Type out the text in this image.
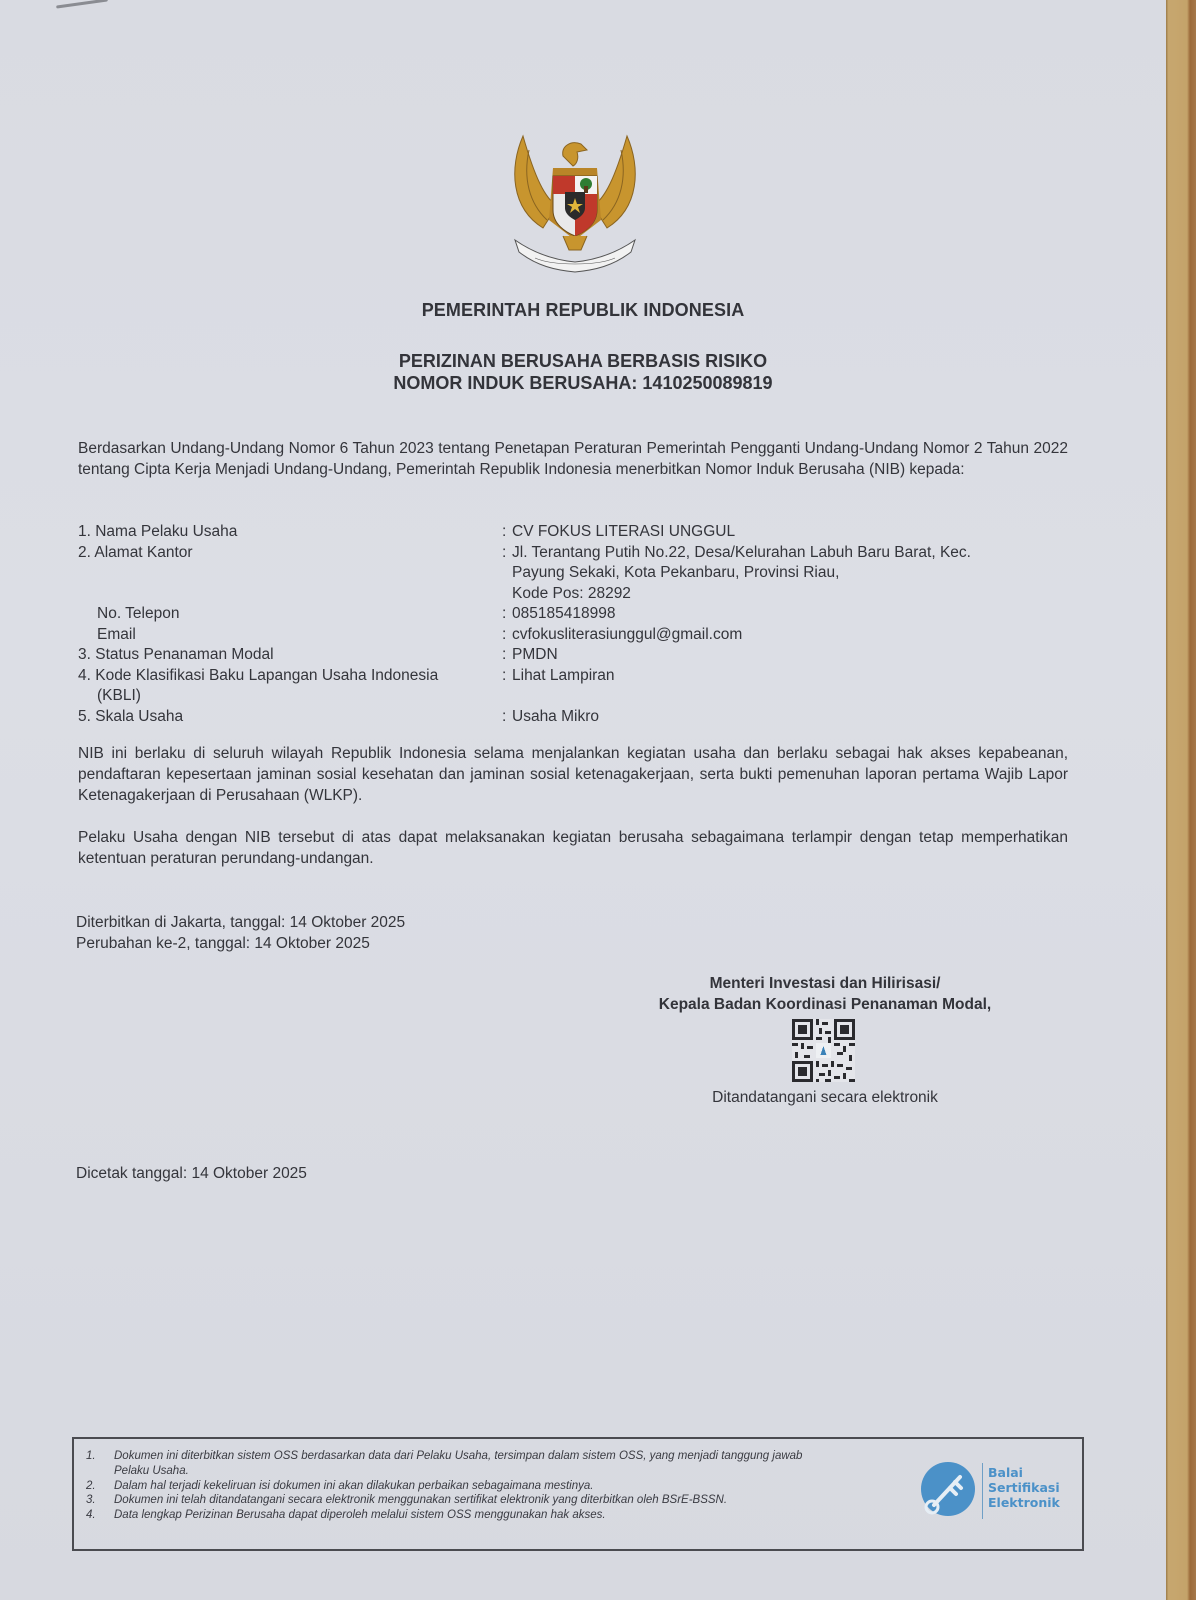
PEMERINTAH REPUBLIK INDONESIA
PERIZINAN BERUSAHA BERBASIS RISIKO
NOMOR INDUK BERUSAHA: 1410250089819

Berdasarkan Undang-Undang Nomor 6 Tahun 2023 tentang Penetapan Peraturan Pemerintah Pengganti Undang-Undang Nomor 2 Tahun 2022 tentang Cipta Kerja Menjadi Undang-Undang, Pemerintah Republik Indonesia menerbitkan Nomor Induk Berusaha (NIB) kepada:

1. Nama Pelaku Usaha	: CV FOKUS LITERASI UNGGUL
2. Alamat Kantor	: Jl. Terantang Putih No.22, Desa/Kelurahan Labuh Baru Barat, Kec.
Payung Sekaki, Kota Pekanbaru, Provinsi Riau,
Kode Pos: 28292
No. Telepon	: 085185418998
Email	: cvfokusliterasiunggul@gmail.com
3. Status Penanaman Modal	: PMDN
4. Kode Klasifikasi Baku Lapangan Usaha Indonesia
(KBLI)
: Lihat Lampiran
5. Skala Usaha	: Usaha Mikro

NIB ini berlaku di seluruh wilayah Republik Indonesia selama menjalankan kegiatan usaha dan berlaku sebagai hak akses kepabeanan, pendaftaran kepesertaan jaminan sosial kesehatan dan jaminan sosial ketenagakerjaan, serta bukti pemenuhan laporan pertama Wajib Lapor Ketenagakerjaan di Perusahaan (WLKP).

Pelaku Usaha dengan NIB tersebut di atas dapat melaksanakan kegiatan berusaha sebagaimana terlampir dengan tetap memperhatikan ketentuan peraturan perundang-undangan.

Diterbitkan di Jakarta, tanggal: 14 Oktober 2025
Perubahan ke-2, tanggal: 14 Oktober 2025
Menteri Investasi dan Hilirisasi/
Kepala Badan Koordinasi Penanaman Modal,
Ditandatangani secara elektronik
Dicetak tanggal: 14 Oktober 2025
1.	Dokumen ini diterbitkan sistem OSS berdasarkan data dari Pelaku Usaha, tersimpan dalam sistem OSS, yang menjadi tanggung jawab
Pelaku Usaha.
2.	Dalam hal terjadi kekeliruan isi dokumen ini akan dilakukan perbaikan sebagaimana mestinya.
3.	Dokumen ini telah ditandatangani secara elektronik menggunakan sertifikat elektronik yang diterbitkan oleh BSrE-BSSN.
4.	Data lengkap Perizinan Berusaha dapat diperoleh melalui sistem OSS menggunakan hak akses.
Balai
Sertifikasi
Elektronik
